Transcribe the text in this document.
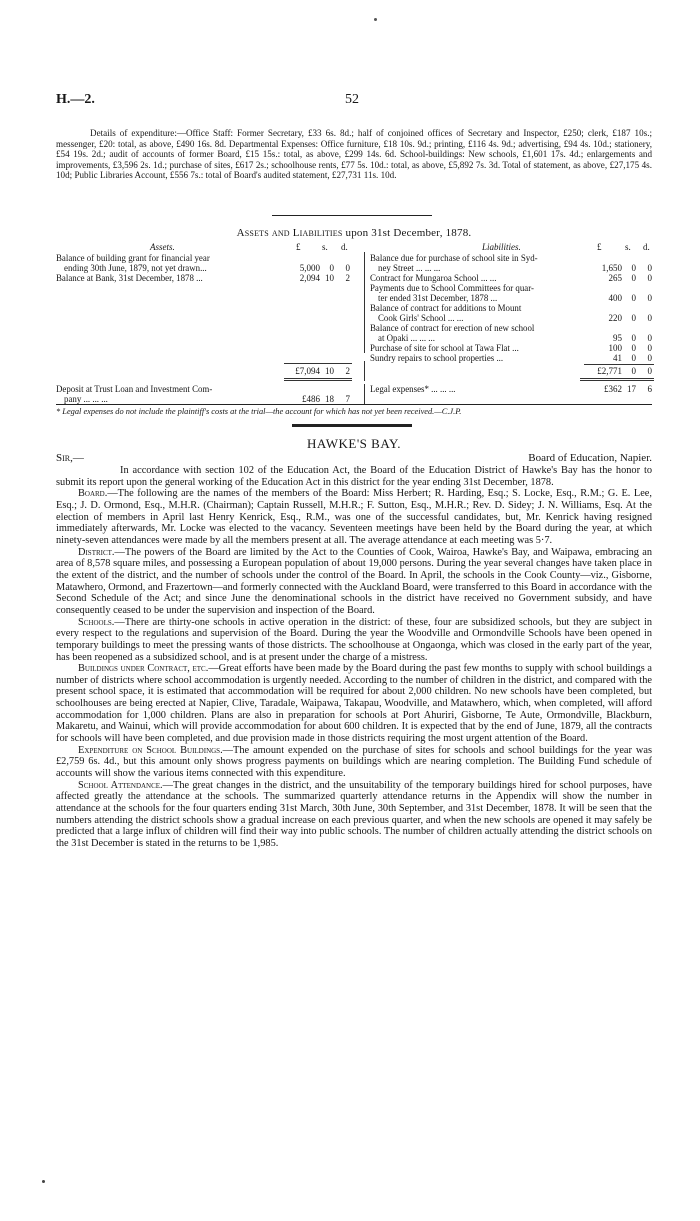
H.—2.	52

Details of expenditure:—Office Staff: Former Secretary, £33 6s. 8d.; half of conjoined offices of Secretary and Inspector, £250; clerk, £187 10s.; messenger, £20: total, as above, £490 16s. 8d. Departmental Expenses: Office furniture, £18 10s. 9d.; printing, £116 4s. 9d.; advertising, £94 4s. 10d.; stationery, £54 19s. 2d.; audit of accounts of former Board, £15 15s.: total, as above, £299 14s. 6d. School-buildings: New schools, £1,601 17s. 4d.; enlargements and improvements, £3,596 2s. 1d.; purchase of sites, £617 2s.; schoolhouse rents, £77 5s. 10d.: total, as above, £5,892 7s. 3d. Total of statement, as above, £27,175 4s. 10d; Public Libraries Account, £556 7s.: total of Board's audited statement, £27,731 11s. 10d.

Assets and Liabilities upon 31st December, 1878.
Assets.	£ s. d.	Liabilities.	£	s. d.
Balance of building grant for financial year
ending 30th June, 1879, not yet drawn...	5,000	0	0
Balance at Bank, 31st December, 1878 ...	2,094 10	2
Balance due for purchase of school site in Syd-
ney Street ... ... ...	1,650	0	0
Contract for Mungaroa School ... ...	265	0	0
Payments due to School Committees for quar-
ter ended 31st December, 1878 ...	400	0	0
Balance of contract for additions to Mount
Cook Girls' School ... ...	220	0	0
Balance of contract for erection of new school
at Opaki ... ... ...	95	0	0
Purchase of site for school at Tawa Flat ...	100	0	0
Sundry repairs to school properties ...	41	0	0
£7,094 10	2	£2,771	0	0
Deposit at Trust Loan and Investment Com-
pany ... ... ...	£486 18	7
Legal expenses* ... ... ...	£362 17	6
* Legal expenses do not include the plaintiff's costs at the trial—the account for which has not yet been received.—C.J.P.
HAWKE'S BAY.
Sir,—	Board of Education, Napier.

In accordance with section 102 of the Education Act, the Board of the Education District of Hawke's Bay has the honor to submit its report upon the general working of the Education Act in this district for the year ending 31st December, 1878.

Board.—The following are the names of the members of the Board: Miss Herbert; R. Harding, Esq.; S. Locke, Esq., R.M.; G. E. Lee, Esq.; J. D. Ormond, Esq., M.H.R. (Chairman); Captain Russell, M.H.R.; F. Sutton, Esq., M.H.R.; Rev. D. Sidey; J. N. Williams, Esq. At the election of members in April last Henry Kenrick, Esq., R.M., was one of the successful candidates, but, Mr. Kenrick having resigned immediately afterwards, Mr. Locke was elected to the vacancy. Seventeen meetings have been held by the Board during the year, at which ninety-seven attendances were made by all the members present at all. The average attendance at each meeting was 5·7.

District.—The powers of the Board are limited by the Act to the Counties of Cook, Wairoa, Hawke's Bay, and Waipawa, embracing an area of 8,578 square miles, and possessing a European population of about 19,000 persons. During the year several changes have taken place in the extent of the district, and the number of schools under the control of the Board. In April, the schools in the Cook County—viz., Gisborne, Matawhero, Ormond, and Frazertown—and formerly connected with the Auckland Board, were transferred to this Board in accordance with the Second Schedule of the Act; and since June the denominational schools in the district have received no Government subsidy, and have consequently ceased to be under the supervision and inspection of the Board.

Schools.—There are thirty-one schools in active operation in the district: of these, four are subsidized schools, but they are subject in every respect to the regulations and supervision of the Board. During the year the Woodville and Ormondville Schools have been opened in temporary buildings to meet the pressing wants of those districts. The schoolhouse at Ongaonga, which was closed in the early part of the year, has been reopened as a subsidized school, and is at present under the charge of a mistress.

Buildings under Contract, etc.—Great efforts have been made by the Board during the past few months to supply with school buildings a number of districts where school accommodation is urgently needed. According to the number of children in the district, and compared with the present school space, it is estimated that accommodation will be required for about 2,000 children. No new schools have been completed, but schoolhouses are being erected at Napier, Clive, Taradale, Waipawa, Takapau, Woodville, and Matawhero, which, when completed, will afford accommodation for 1,000 children. Plans are also in preparation for schools at Port Ahuriri, Gisborne, Te Aute, Ormondville, Blackburn, Makaretu, and Wainui, which will provide accommodation for about 600 children. It is expected that by the end of June, 1879, all the contracts for schools will have been completed, and due provision made in those districts requiring the most urgent attention of the Board.

Expenditure on School Buildings.—The amount expended on the purchase of sites for schools and school buildings for the year was £2,759 6s. 4d., but this amount only shows progress payments on buildings which are nearing completion. The Building Fund schedule of accounts will show the various items connected with this expenditure.

School Attendance.—The great changes in the district, and the unsuitability of the temporary buildings hired for school purposes, have affected greatly the attendance at the schools. The summarized quarterly attendance returns in the Appendix will show the number in attendance at the schools for the four quarters ending 31st March, 30th June, 30th September, and 31st December, 1878. It will be seen that the numbers attending the district schools show a gradual increase on each previous quarter, and when the new schools are opened it may safely be predicted that a large influx of children will find their way into public schools. The number of children actually attending the district schools on the 31st December is stated in the returns to be 1,985.
